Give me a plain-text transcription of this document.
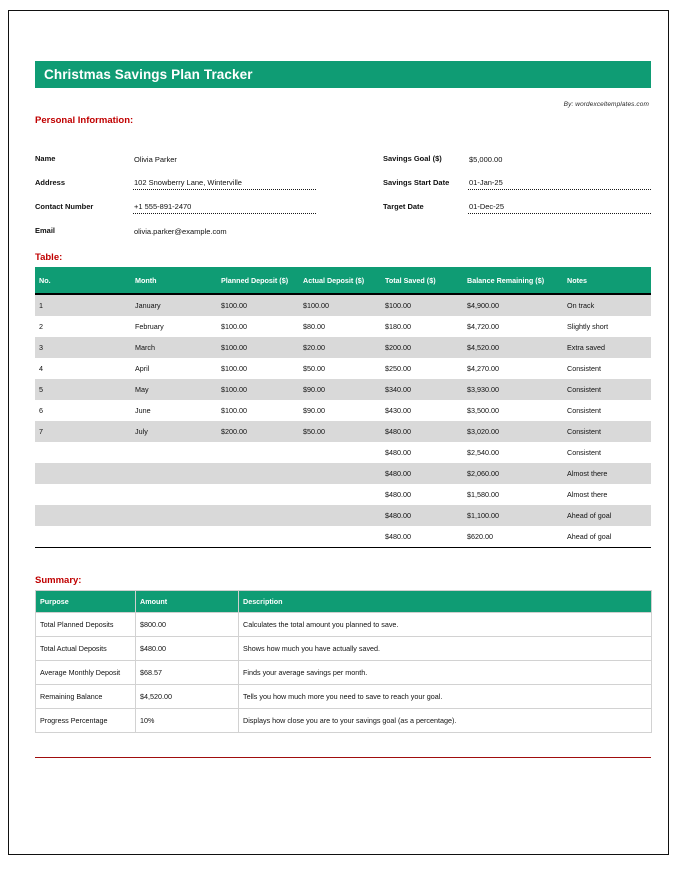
Christmas Savings Plan Tracker
By: wordexceltemplates.com
Personal Information:
Name	Olivia Parker
Address	102 Snowberry Lane, Winterville
Contact Number	+1 555-891-2470
Email	olivia.parker@example.com
Savings Goal ($)	$5,000.00
Savings Start Date	01-Jan-25
Target Date	01-Dec-25
Table:
No.	Month	Planned Deposit ($)	Actual Deposit ($)	Total Saved ($)	Balance Remaining ($)	Notes
1	January	$100.00	$100.00	$100.00	$4,900.00	On track
2	February	$100.00	$80.00	$180.00	$4,720.00	Slightly short
3	March	$100.00	$20.00	$200.00	$4,520.00	Extra saved
4	April	$100.00	$50.00	$250.00	$4,270.00	Consistent
5	May	$100.00	$90.00	$340.00	$3,930.00	Consistent
6	June	$100.00	$90.00	$430.00	$3,500.00	Consistent
7	July	$200.00	$50.00	$480.00	$3,020.00	Consistent
				$480.00	$2,540.00	Consistent
				$480.00	$2,060.00	Almost there
				$480.00	$1,580.00	Almost there
				$480.00	$1,100.00	Ahead of goal
				$480.00	$620.00	Ahead of goal
Summary:
Purpose	Amount	Description
Total Planned Deposits	$800.00	Calculates the total amount you planned to save.
Total Actual Deposits	$480.00	Shows how much you have actually saved.
Average Monthly Deposit	$68.57	Finds your average savings per month.
Remaining Balance	$4,520.00	Tells you how much more you need to save to reach your goal.
Progress Percentage	10%	Displays how close you are to your savings goal (as a percentage).
